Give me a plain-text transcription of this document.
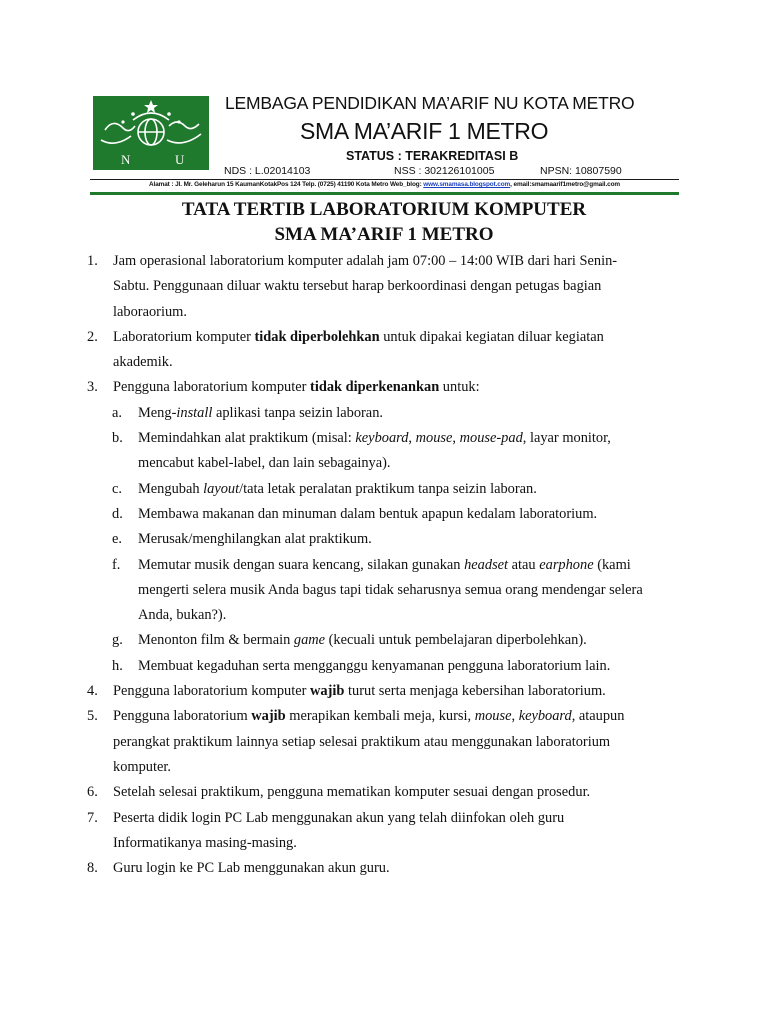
N	U
LEMBAGA PENDIDIKAN MA’ARIF NU KOTA METRO
SMA MA’ARIF 1 METRO
STATUS : TERAKREDITASI B
NDS : L.02014103	NSS : 302126101005	NPSN: 10807590
Alamat : Jl. Mr. Geleharun 15 KaumanKotakPos 124 Telp. (0725) 41190 Kota Metro Web_blog: www.smamasa.blogspot.com, email:smamaarif1metro@gmail.com
TATA TERTIB LABORATORIUM KOMPUTER
SMA MA’ARIF 1 METRO
1. Jam operasional laboratorium komputer adalah jam 07:00 – 14:00 WIB dari hari Senin-
Sabtu. Penggunaan diluar waktu tersebut harap berkoordinasi dengan petugas bagian
laboraorium.
2. Laboratorium komputer tidak diperbolehkan untuk dipakai kegiatan diluar kegiatan
akademik.
3. Pengguna laboratorium komputer tidak diperkenankan untuk:
a. Meng-install aplikasi tanpa seizin laboran.
b. Memindahkan alat praktikum (misal: keyboard, mouse, mouse-pad, layar monitor,
mencabut kabel-label, dan lain sebagainya).
c. Mengubah layout/tata letak peralatan praktikum tanpa seizin laboran.
d. Membawa makanan dan minuman dalam bentuk apapun kedalam laboratorium.
e. Merusak/menghilangkan alat praktikum.
f. Memutar musik dengan suara kencang, silakan gunakan headset atau earphone (kami
mengerti selera musik Anda bagus tapi tidak seharusnya semua orang mendengar selera
Anda, bukan?).
g. Menonton film & bermain game (kecuali untuk pembelajaran diperbolehkan).
h. Membuat kegaduhan serta mengganggu kenyamanan pengguna laboratorium lain.
4. Pengguna laboratorium komputer wajib turut serta menjaga kebersihan laboratorium.
5. Pengguna laboratorium wajib merapikan kembali meja, kursi, mouse, keyboard, ataupun
perangkat praktikum lainnya setiap selesai praktikum atau menggunakan laboratorium
komputer.
6. Setelah selesai praktikum, pengguna mematikan komputer sesuai dengan prosedur.
7. Peserta didik login PC Lab menggunakan akun yang telah diinfokan oleh guru
Informatikanya masing-masing.
8. Guru login ke PC Lab menggunakan akun guru.
